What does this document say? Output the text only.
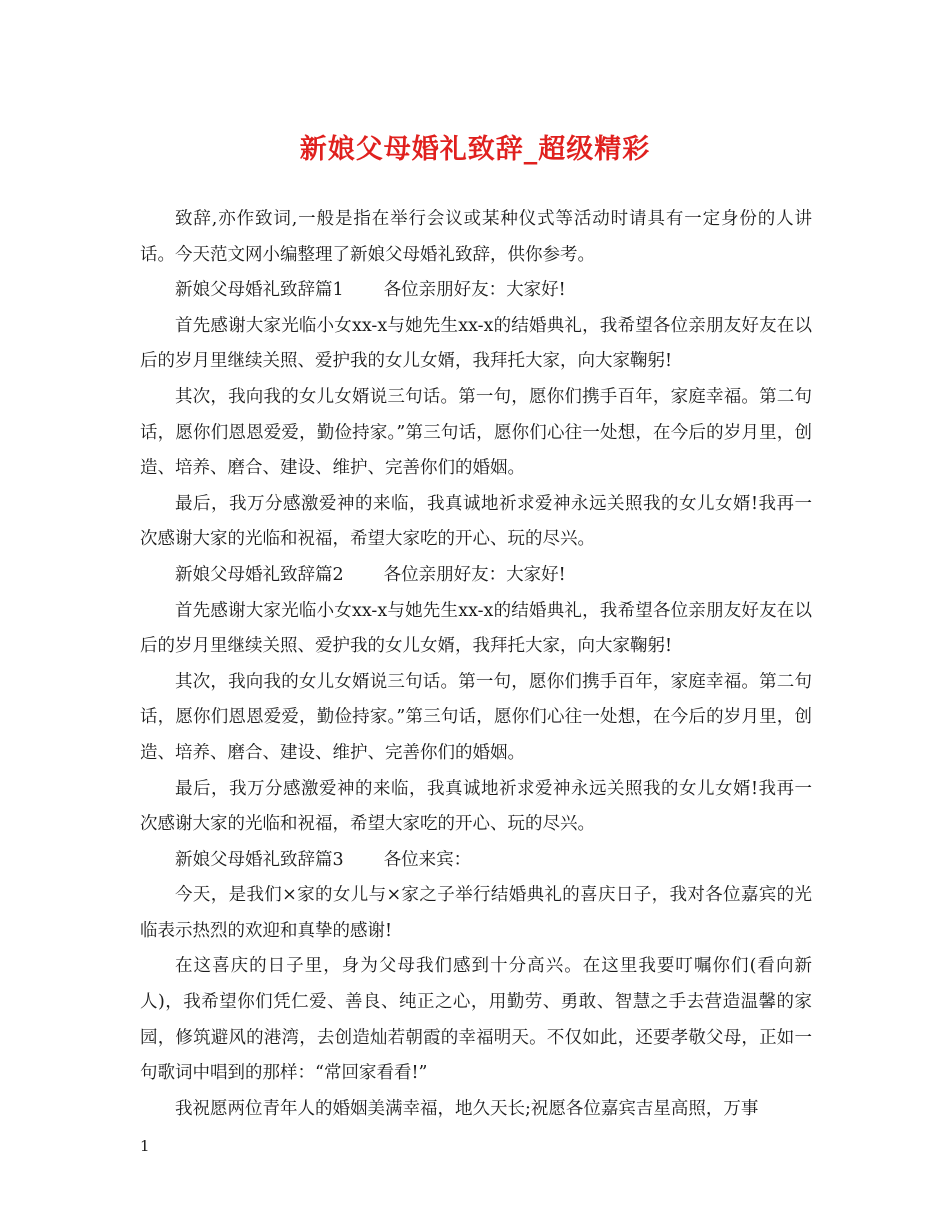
新娘父母婚礼致辞_超级精彩

致辞,亦作致词,一般是指在举行会议或某种仪式等活动时请具有一定身份的人讲话。今天范文网小编整理了新娘父母婚礼致辞，供你参考。

新娘父母婚礼致辞篇1 各位亲朋好友：大家好!

首先感谢大家光临小女xx-x与她先生xx-x的结婚典礼，我希望各位亲朋友好友在以后的岁月里继续关照、爱护我的女儿女婿，我拜托大家，向大家鞠躬!

其次，我向我的女儿女婿说三句话。第一句，愿你们携手百年，家庭幸福。第二句话，愿你们恩恩爱爱，勤俭持家。”第三句话，愿你们心往一处想，在今后的岁月里，创造、培养、磨合、建设、维护、完善你们的婚姻。

最后，我万分感激爱神的来临，我真诚地祈求爱神永远关照我的女儿女婿!我再一次感谢大家的光临和祝福，希望大家吃的开心、玩的尽兴。

新娘父母婚礼致辞篇2 各位亲朋好友：大家好!

首先感谢大家光临小女xx-x与她先生xx-x的结婚典礼，我希望各位亲朋友好友在以后的岁月里继续关照、爱护我的女儿女婿，我拜托大家，向大家鞠躬!

其次，我向我的女儿女婿说三句话。第一句，愿你们携手百年，家庭幸福。第二句话，愿你们恩恩爱爱，勤俭持家。”第三句话，愿你们心往一处想，在今后的岁月里，创造、培养、磨合、建设、维护、完善你们的婚姻。

最后，我万分感激爱神的来临，我真诚地祈求爱神永远关照我的女儿女婿!我再一次感谢大家的光临和祝福，希望大家吃的开心、玩的尽兴。

新娘父母婚礼致辞篇3 各位来宾：

今天，是我们×家的女儿与×家之子举行结婚典礼的喜庆日子，我对各位嘉宾的光临表示热烈的欢迎和真挚的感谢!

在这喜庆的日子里，身为父母我们感到十分高兴。在这里我要叮嘱你们(看向新人)，我希望你们凭仁爱、善良、纯正之心，用勤劳、勇敢、智慧之手去营造温馨的家园，修筑避风的港湾，去创造灿若朝霞的幸福明天。不仅如此，还要孝敬父母，正如一句歌词中唱到的那样：“常回家看看!”

我祝愿两位青年人的婚姻美满幸福，地久天长;祝愿各位嘉宾吉星高照，万事

1
